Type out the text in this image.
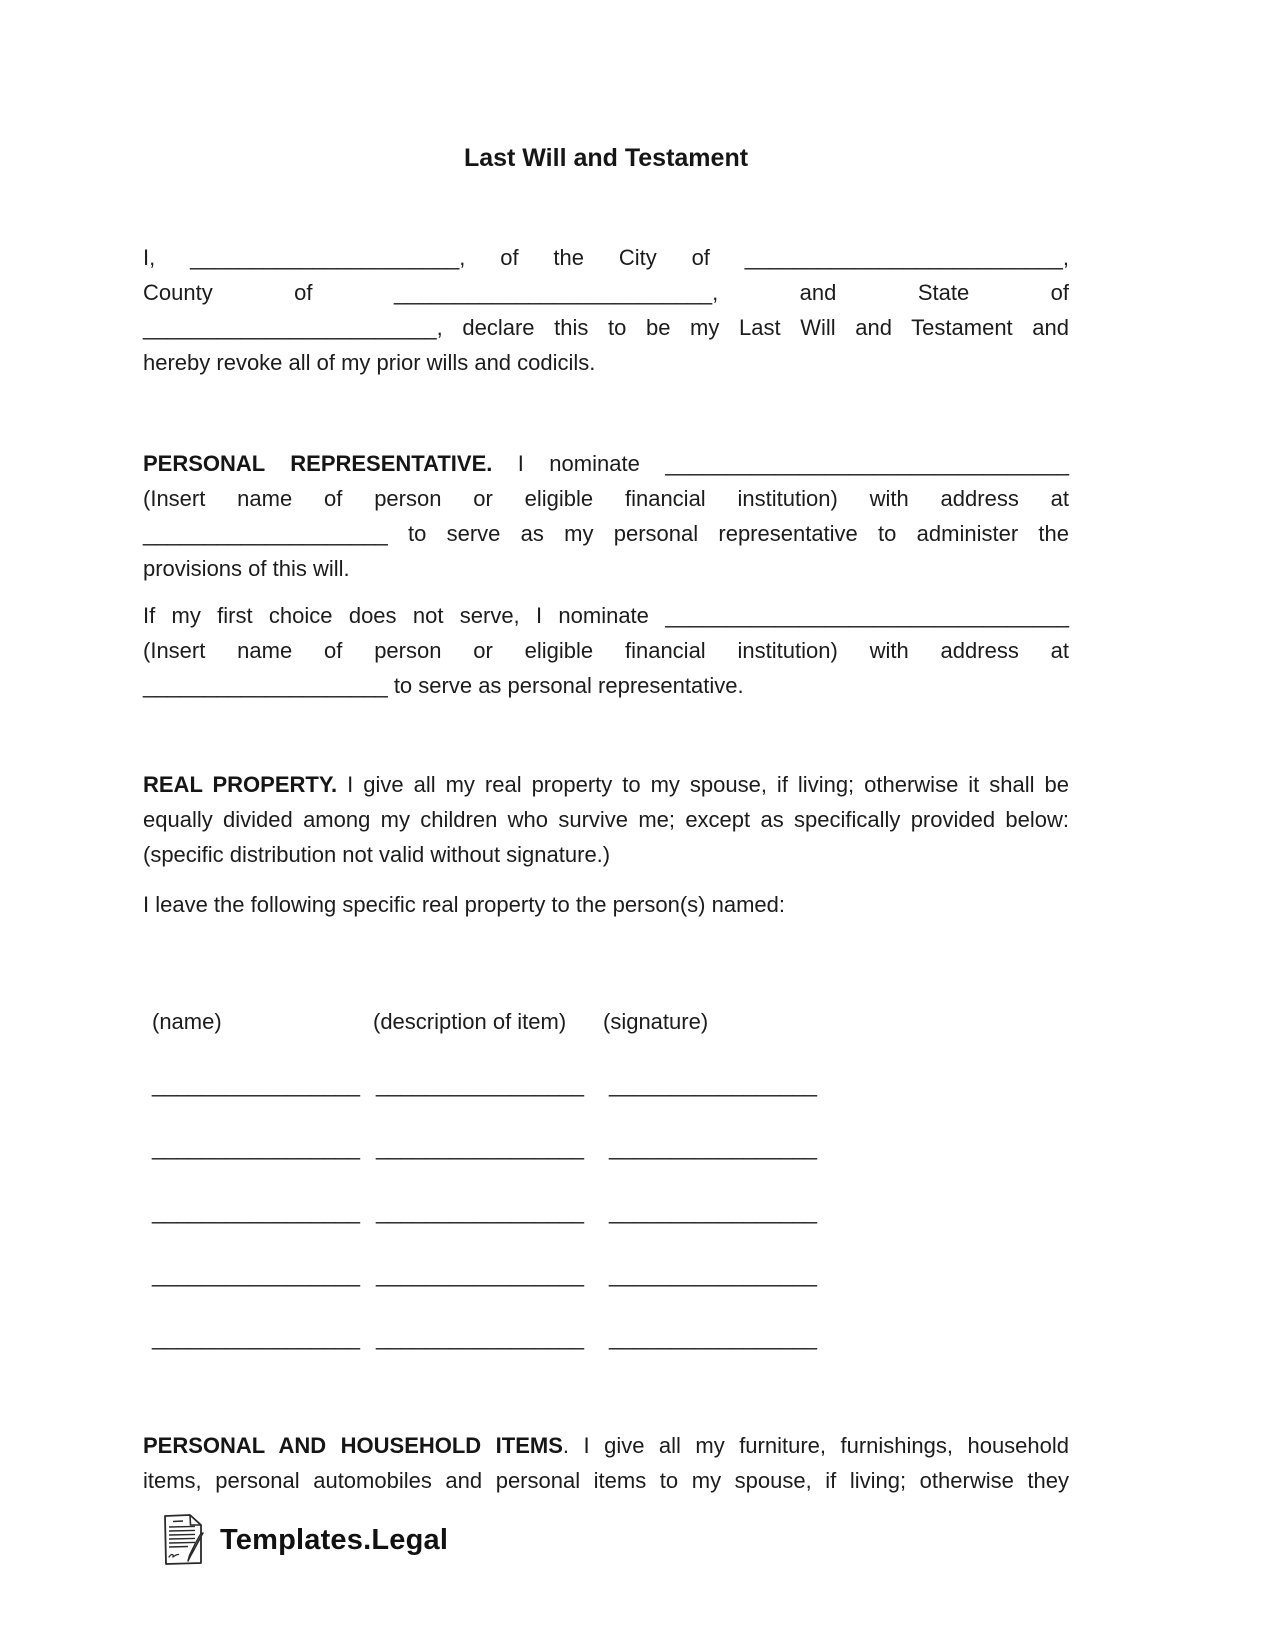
Last Will and Testament
I, ______________________, of the City of __________________________,
County of __________________________, and State of
________________________, declare this to be my Last Will and Testament and
hereby revoke all of my prior wills and codicils.
PERSONAL REPRESENTATIVE. I nominate _________________________________
(Insert name of person or eligible financial institution) with address at
____________________ to serve as my personal representative to administer the
provisions of this will.
If my first choice does not serve, I nominate _________________________________
(Insert name of person or eligible financial institution) with address at
____________________ to serve as personal representative.
REAL PROPERTY. I give all my real property to my spouse, if living; otherwise it shall be
equally divided among my children who survive me; except as specifically provided below:
(specific distribution not valid without signature.)
I leave the following specific real property to the person(s) named:
(name)	(description of item) (signature)
_________________ _________________ _________________
_________________ _________________ _________________
_________________ _________________ _________________
_________________ _________________ _________________
_________________ _________________ _________________
PERSONAL AND HOUSEHOLD ITEMS. I give all my furniture, furnishings, household
items, personal automobiles and personal items to my spouse, if living; otherwise they
Templates.Legal
